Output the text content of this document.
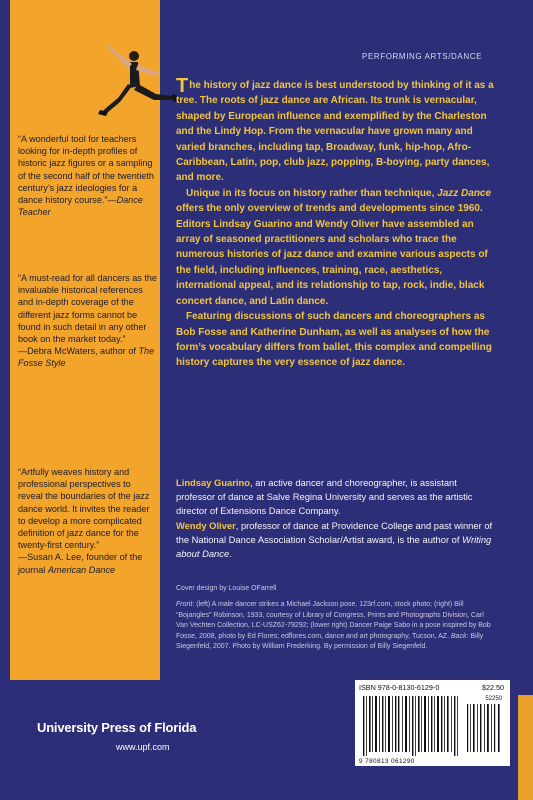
“A wonderful tool for teachers looking for in-depth profiles of historic jazz figures or a sampling of the second half of the twentieth century’s jazz ideologies for a dance history course.”—Dance Teacher
“A must-read for all dancers as the invaluable historical references and in-depth coverage of the different jazz forms cannot be found in such detail in any other book on the market today.”
—Debra McWaters, author of The Fosse Style
“Artfully weaves history and professional perspectives to reveal the boundaries of the jazz dance world. It invites the reader to develop a more complicated definition of jazz dance for the twenty-first century.”
—Susan A. Lee, founder of the journal American Dance
PERFORMING ARTS/DANCE

The history of jazz dance is best understood by thinking of it as a tree. The roots of jazz dance are African. Its trunk is vernacular, shaped by European influence and exemplified by the Charleston and the Lindy Hop. From the vernacular have grown many and varied branches, including tap, Broadway, funk, hip-hop, Afro-Caribbean, Latin, pop, club jazz, popping, B-boying, party dances, and more.

Unique in its focus on history rather than technique, Jazz Dance offers the only overview of trends and developments since 1960. Editors Lindsay Guarino and Wendy Oliver have assembled an array of seasoned practitioners and scholars who trace the numerous histories of jazz dance and examine various aspects of the field, including influences, training, race, aesthetics, international appeal, and its relationship to tap, rock, indie, black concert dance, and Latin dance.

Featuring discussions of such dancers and choreographers as Bob Fosse and Katherine Dunham, as well as analyses of how the form’s vocabulary differs from ballet, this complex and compelling history captures the very essence of jazz dance.

Lindsay Guarino, an active dancer and choreographer, is assistant professor of dance at Salve Regina University and serves as the artistic director of Extensions Dance Company.
Wendy Oliver, professor of dance at Providence College and past winner of the National Dance Association Scholar/Artist award, is the author of Writing about Dance.
Cover design by Louise OFarrell
Front: (left) A male dancer strikes a Michael Jackson pose. 123rf.com, stock photo; (right) Bill “Bojangles” Robinson, 1933, courtesy of Library of Congress, Prints and Photographs Division, Carl Van Vechten Collection, LC-USZ62-79292; (lower right) Dancer Paige Sabo in a pose inspired by Bob Fosse, 2008, photo by Ed Flores; edflores.com, dance and art photography, Tucson, AZ. Back: Billy Siegenfeld, 2007. Photo by William Frederking. By permission of Billy Siegenfeld.
University Press of Florida
www.upf.com
ISBN 978-0-8130-6129-0	$22.50
52250
9 780813 061290
